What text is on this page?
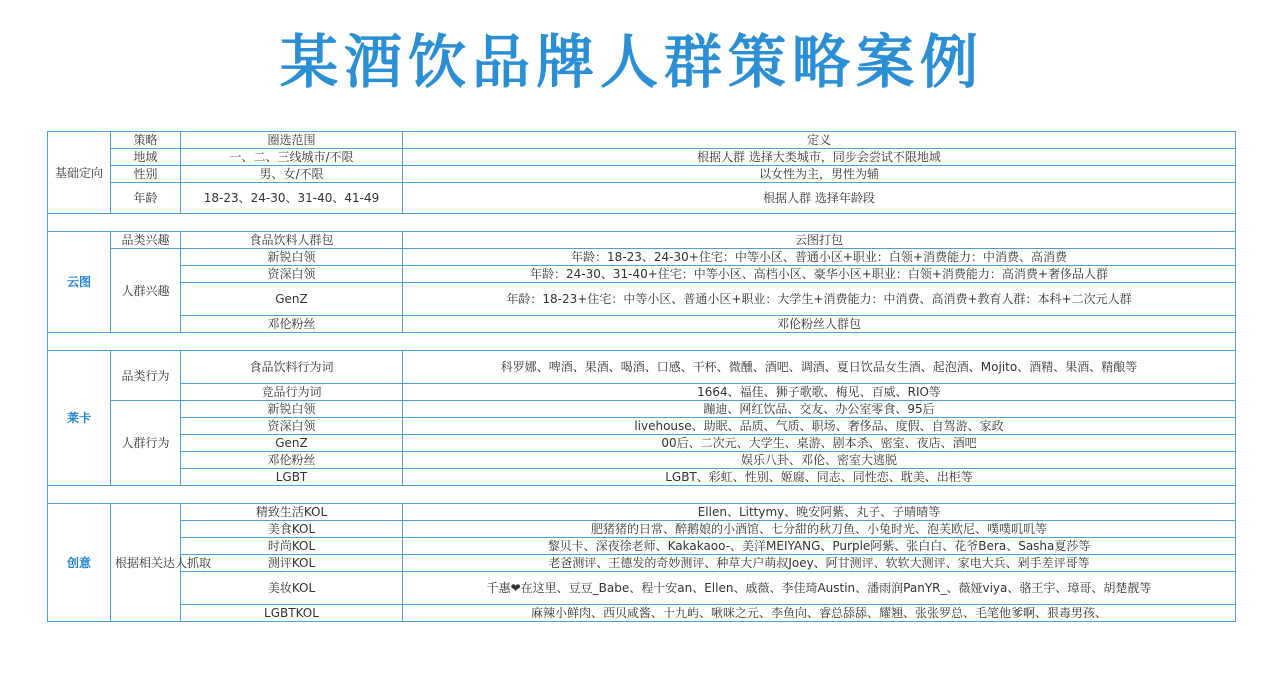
某酒饮品牌人群策略案例
基础定向	策略	圈选范围	定义
	地域	一、二、三线城市/不限	根据人群 选择大类城市，同步会尝试不限地域
	性别	男、女/不限	以女性为主，男性为辅
	年龄	18-23、24-30、31-40、41-49	根据人群 选择年龄段

云图	品类兴趣	食品饮料人群包	云图打包
	人群兴趣	新锐白领	年龄：18-23、24-30+住宅：中等小区、普通小区+职业：白领+消费能力：中消费、高消费
		资深白领	年龄：24-30、31-40+住宅：中等小区、高档小区、豪华小区+职业：白领+消费能力：高消费+奢侈品人群
		GenZ	年龄：18-23+住宅：中等小区、普通小区+职业：大学生+消费能力：中消费、高消费+教育人群：本科+二次元人群
		邓伦粉丝	邓伦粉丝人群包

莱卡	品类行为	食品饮料行为词	科罗娜、啤酒、果酒、喝酒、口感、干杯、微醺、酒吧、调酒、夏日饮品女生酒、起泡酒、Mojito、酒精、果酒、精酿等
		竞品行为词	1664、福佳、狮子歌歌、梅见、百威、RIO等
	人群行为	新锐白领	蹦迪、网红饮品、交友、办公室零食、95后
		资深白领	livehouse、助眠、品质、气质、职场、奢侈品、度假、自驾游、家政
		GenZ	00后、二次元、大学生、桌游、剧本杀、密室、夜店、酒吧
		邓伦粉丝	娱乐八卦、邓伦、密室大逃脱
		LGBT	LGBT、彩虹、性别、姬腐、同志、同性恋、耽美、出柜等

创意	根据相关达人抓取	精致生活KOL	Ellen、Littymy、晚安阿紫、丸子、子晴晴等
		美食KOL	肥猪猪的日常、醉鹅娘的小酒馆、七分甜的秋刀鱼、小兔时光、泡芙欧尼、噗噗叽叽等
		时尚KOL	黎贝卡、深夜徐老师、Kakakaoo-、美洋MEIYANG、Purple阿紫、张白白、花爷Bera、Sasha夏莎等
		测评KOL	老爸测评、王德发的奇妙测评、种草大户萌叔Joey、阿甘测评、软软大测评、家电大兵、剁手差评哥等
		美妆KOL	千惠❤在这里、豆豆_Babe、程十安an、Ellen、戚薇、李佳琦Austin、潘雨润PanYR_、薇娅viya、骆王宇、璋哥、胡楚靓等
		LGBTKOL	麻辣小鲜肉、西贝咸酱、十九屿、啾咪之元、李鱼向、睿总舔舔、耀翘、张张罗总、毛笔他爹啊、狠毒男孩、
